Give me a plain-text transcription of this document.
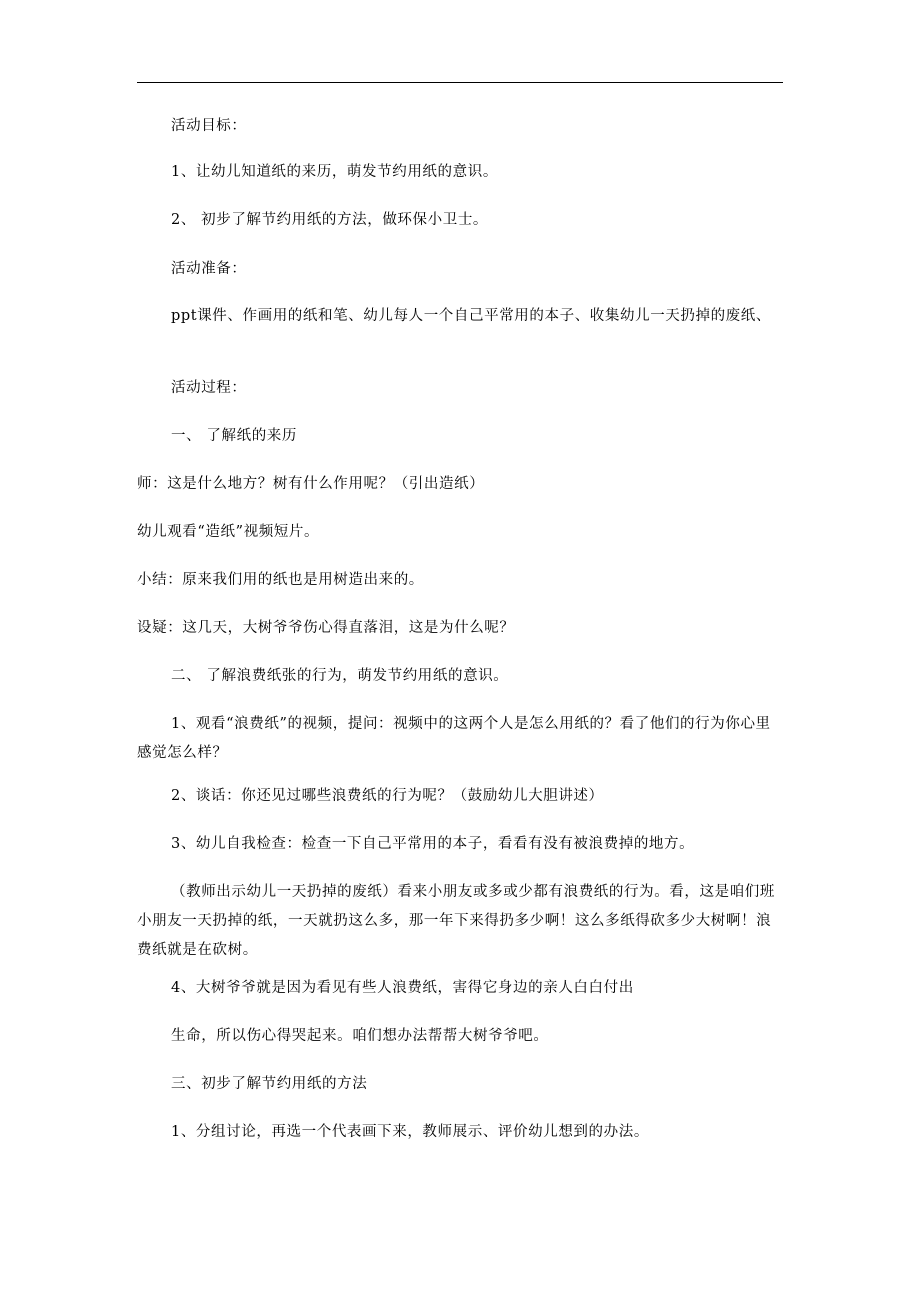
活动目标：
1、让幼儿知道纸的来历，萌发节约用纸的意识。
2、 初步了解节约用纸的方法，做环保小卫士。
活动准备：
ppt课件、作画用的纸和笔、幼儿每人一个自己平常用的本子、收集幼儿一天扔掉的废纸、
活动过程：
一、 了解纸的来历
师：这是什么地方？树有什么作用呢？（引出造纸）
幼儿观看“造纸”视频短片。
小结：原来我们用的纸也是用树造出来的。
设疑：这几天，大树爷爷伤心得直落泪，这是为什么呢？
二、 了解浪费纸张的行为，萌发节约用纸的意识。
1、观看“浪费纸”的视频，提问：视频中的这两个人是怎么用纸的？看了他们的行为你心里感觉怎么样？
2、谈话：你还见过哪些浪费纸的行为呢？（鼓励幼儿大胆讲述）
3、幼儿自我检查：检查一下自己平常用的本子，看看有没有被浪费掉的地方。
（教师出示幼儿一天扔掉的废纸）看来小朋友或多或少都有浪费纸的行为。看，这是咱们班小朋友一天扔掉的纸，一天就扔这么多，那一年下来得扔多少啊！这么多纸得砍多少大树啊！浪费纸就是在砍树。
4、大树爷爷就是因为看见有些人浪费纸，害得它身边的亲人白白付出
生命，所以伤心得哭起来。咱们想办法帮帮大树爷爷吧。
三、初步了解节约用纸的方法
1、分组讨论，再选一个代表画下来，教师展示、评价幼儿想到的办法。
